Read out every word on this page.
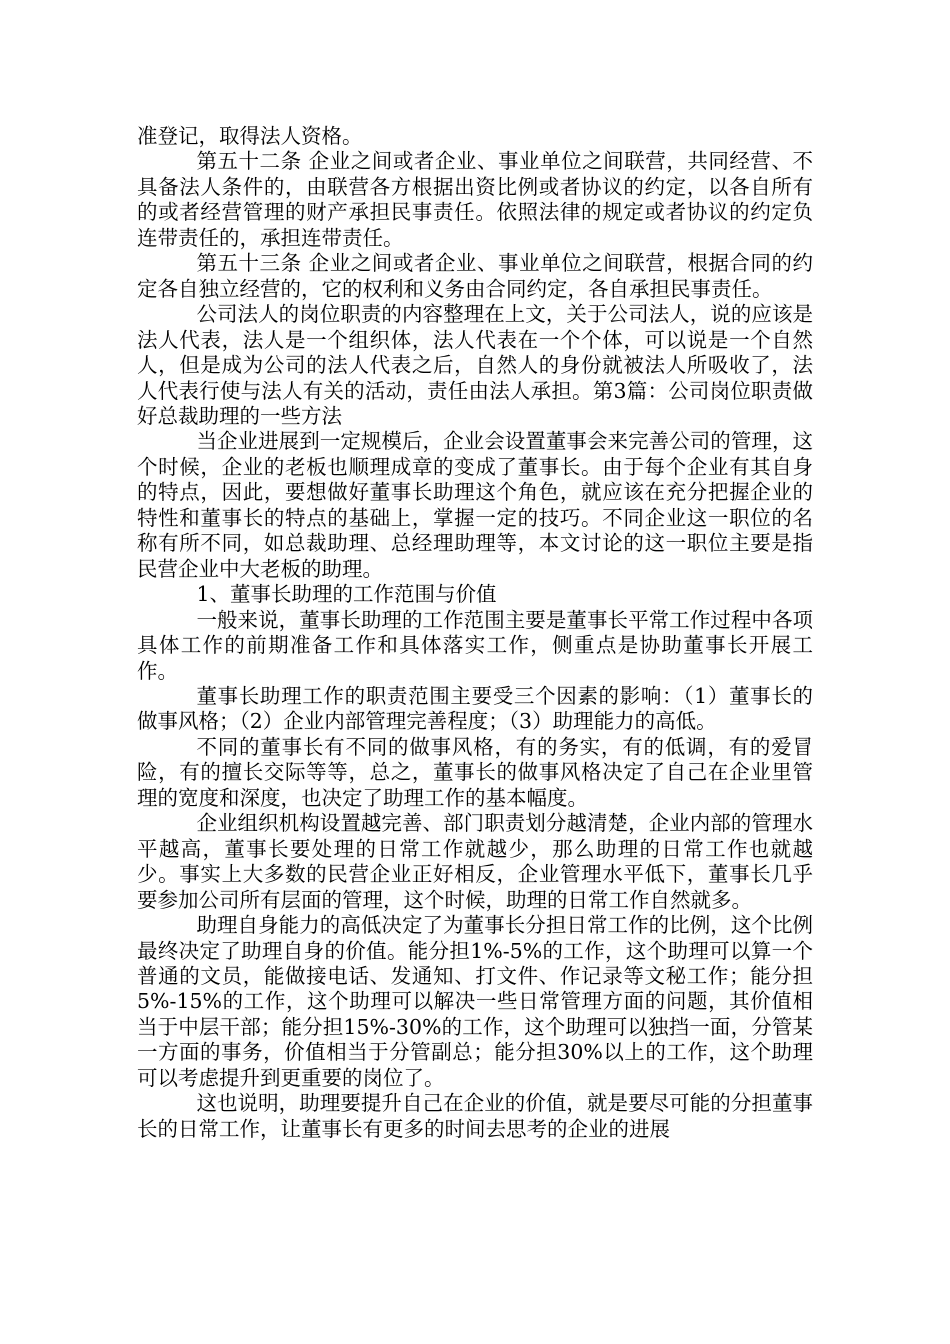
准登记，取得法人资格。

第五十二条 企业之间或者企业、事业单位之间联营，共同经营、不具备法人条件的，由联营各方根据出资比例或者协议的约定，以各自所有的或者经营管理的财产承担民事责任。依照法律的规定或者协议的约定负连带责任的，承担连带责任。

第五十三条 企业之间或者企业、事业单位之间联营，根据合同的约定各自独立经营的，它的权利和义务由合同约定，各自承担民事责任。

公司法人的岗位职责的内容整理在上文，关于公司法人，说的应该是法人代表，法人是一个组织体，法人代表在一个个体，可以说是一个自然人，但是成为公司的法人代表之后，自然人的身份就被法人所吸收了，法人代表行使与法人有关的活动，责任由法人承担。第3篇：公司岗位职责做好总裁助理的一些方法

当企业进展到一定规模后，企业会设置董事会来完善公司的管理，这个时候，企业的老板也顺理成章的变成了董事长。由于每个企业有其自身的特点，因此，要想做好董事长助理这个角色，就应该在充分把握企业的特性和董事长的特点的基础上，掌握一定的技巧。不同企业这一职位的名称有所不同，如总裁助理、总经理助理等，本文讨论的这一职位主要是指民营企业中大老板的助理。

1、董事长助理的工作范围与价值

一般来说，董事长助理的工作范围主要是董事长平常工作过程中各项具体工作的前期准备工作和具体落实工作，侧重点是协助董事长开展工作。

董事长助理工作的职责范围主要受三个因素的影响：（1）董事长的做事风格；（2）企业内部管理完善程度；（3）助理能力的高低。

不同的董事长有不同的做事风格，有的务实，有的低调，有的爱冒险，有的擅长交际等等，总之，董事长的做事风格决定了自己在企业里管理的宽度和深度，也决定了助理工作的基本幅度。

企业组织机构设置越完善、部门职责划分越清楚，企业内部的管理水平越高，董事长要处理的日常工作就越少，那么助理的日常工作也就越少。事实上大多数的民营企业正好相反，企业管理水平低下，董事长几乎要参加公司所有层面的管理，这个时候，助理的日常工作自然就多。

助理自身能力的高低决定了为董事长分担日常工作的比例，这个比例最终决定了助理自身的价值。能分担1%-5%的工作，这个助理可以算一个普通的文员，能做接电话、发通知、打文件、作记录等文秘工作；能分担5%-15%的工作，这个助理可以解决一些日常管理方面的问题，其价值相当于中层干部；能分担15%-30%的工作，这个助理可以独挡一面，分管某一方面的事务，价值相当于分管副总；能分担30%以上的工作，这个助理可以考虑提升到更重要的岗位了。

这也说明，助理要提升自己在企业的价值，就是要尽可能的分担董事长的日常工作，让董事长有更多的时间去思考的企业的进展
